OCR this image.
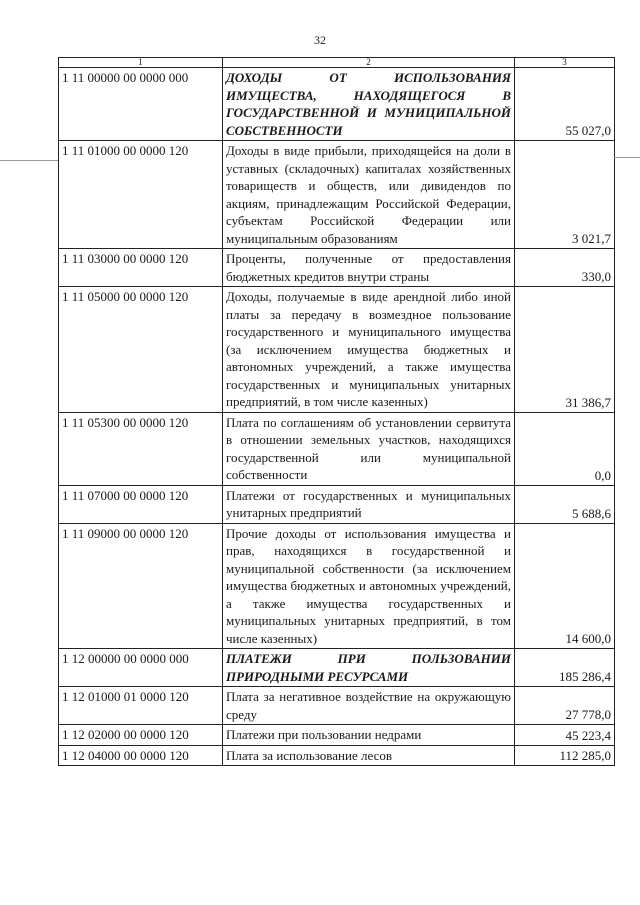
32
1	2	3
1 11 00000 00 0000 000	ДОХОДЫ ОТ ИСПОЛЬЗОВАНИЯ ИМУЩЕСТВА, НАХОДЯЩЕГОСЯ В ГОСУДАРСТВЕННОЙ И МУНИЦИПАЛЬНОЙ СОБСТВЕННОСТИ	55 027,0
1 11 01000 00 0000 120	Доходы в виде прибыли, приходящейся на доли в уставных (складочных) капиталах хозяйственных товариществ и обществ, или дивидендов по акциям, принадлежащим Российской Федерации, субъектам Российской Федерации или муниципальным образованиям	3 021,7
1 11 03000 00 0000 120	Проценты, полученные от предоставления бюджетных кредитов внутри страны	330,0
1 11 05000 00 0000 120	Доходы, получаемые в виде арендной либо иной платы за передачу в возмездное пользование государственного и муниципального имущества (за исключением имущества бюджетных и автономных учреждений, а также имущества государственных и муниципальных унитарных предприятий, в том числе казенных)	31 386,7
1 11 05300 00 0000 120	Плата по соглашениям об установлении сервитута в отношении земельных участков, находящихся государственной или муниципальной собственности	0,0
1 11 07000 00 0000 120	Платежи от государственных и муниципальных унитарных предприятий	5 688,6
1 11 09000 00 0000 120	Прочие доходы от использования имущества и прав, находящихся в государственной и муниципальной собственности (за исключением имущества бюджетных и автономных учреждений, а также имущества государственных и муниципальных унитарных предприятий, в том числе казенных)	14 600,0
1 12 00000 00 0000 000	ПЛАТЕЖИ ПРИ ПОЛЬЗОВАНИИ ПРИРОДНЫМИ РЕСУРСАМИ	185 286,4
1 12 01000 01 0000 120	Плата за негативное воздействие на окружающую среду	27 778,0
1 12 02000 00 0000 120	Платежи при пользовании недрами	45 223,4
1 12 04000 00 0000 120	Плата за использование лесов	112 285,0
